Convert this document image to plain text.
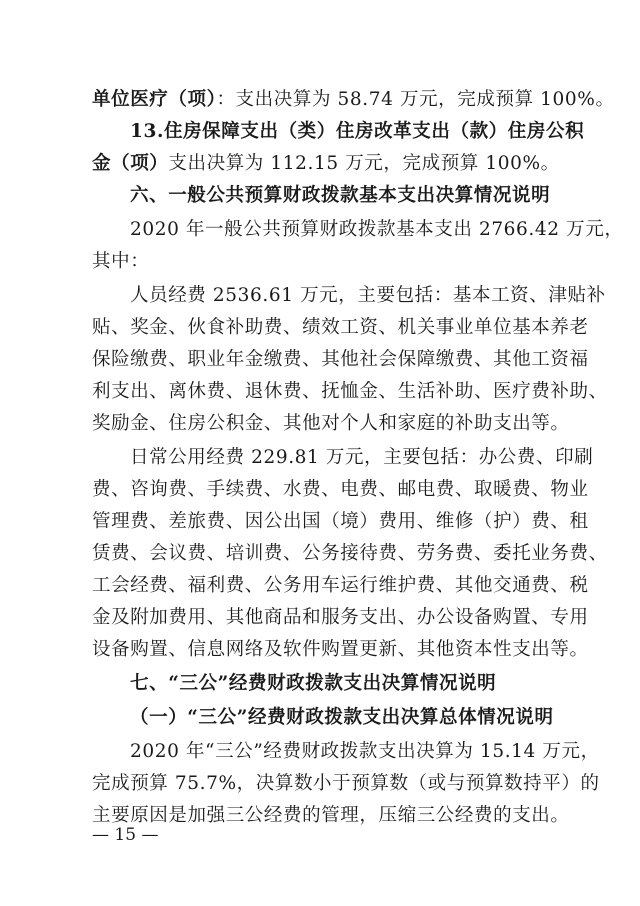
单位医疗（项）：支出决算为 58.74 万元，完成预算 100%。
13.住房保障支出（类）住房改革支出（款）住房公积
金（项）支出决算为 112.15 万元，完成预算 100%。
六、一般公共预算财政拨款基本支出决算情况说明
2020 年一般公共预算财政拨款基本支出 2766.42 万元，
其中：
人员经费 2536.61 万元，主要包括：基本工资、津贴补
贴、奖金、伙食补助费、绩效工资、机关事业单位基本养老
保险缴费、职业年金缴费、其他社会保障缴费、其他工资福
利支出、离休费、退休费、抚恤金、生活补助、医疗费补助、
奖励金、住房公积金、其他对个人和家庭的补助支出等。
日常公用经费 229.81 万元，主要包括：办公费、印刷
费、咨询费、手续费、水费、电费、邮电费、取暖费、物业
管理费、差旅费、因公出国（境）费用、维修（护）费、租
赁费、会议费、培训费、公务接待费、劳务费、委托业务费、
工会经费、福利费、公务用车运行维护费、其他交通费、税
金及附加费用、其他商品和服务支出、办公设备购置、专用
设备购置、信息网络及软件购置更新、其他资本性支出等。
七、“三公”经费财政拨款支出决算情况说明
（一）“三公”经费财政拨款支出决算总体情况说明
2020 年“三公”经费财政拨款支出决算为 15.14 万元，
完成预算 75.7%，决算数小于预算数（或与预算数持平）的
主要原因是加强三公经费的管理，压缩三公经费的支出。
— 15 —
